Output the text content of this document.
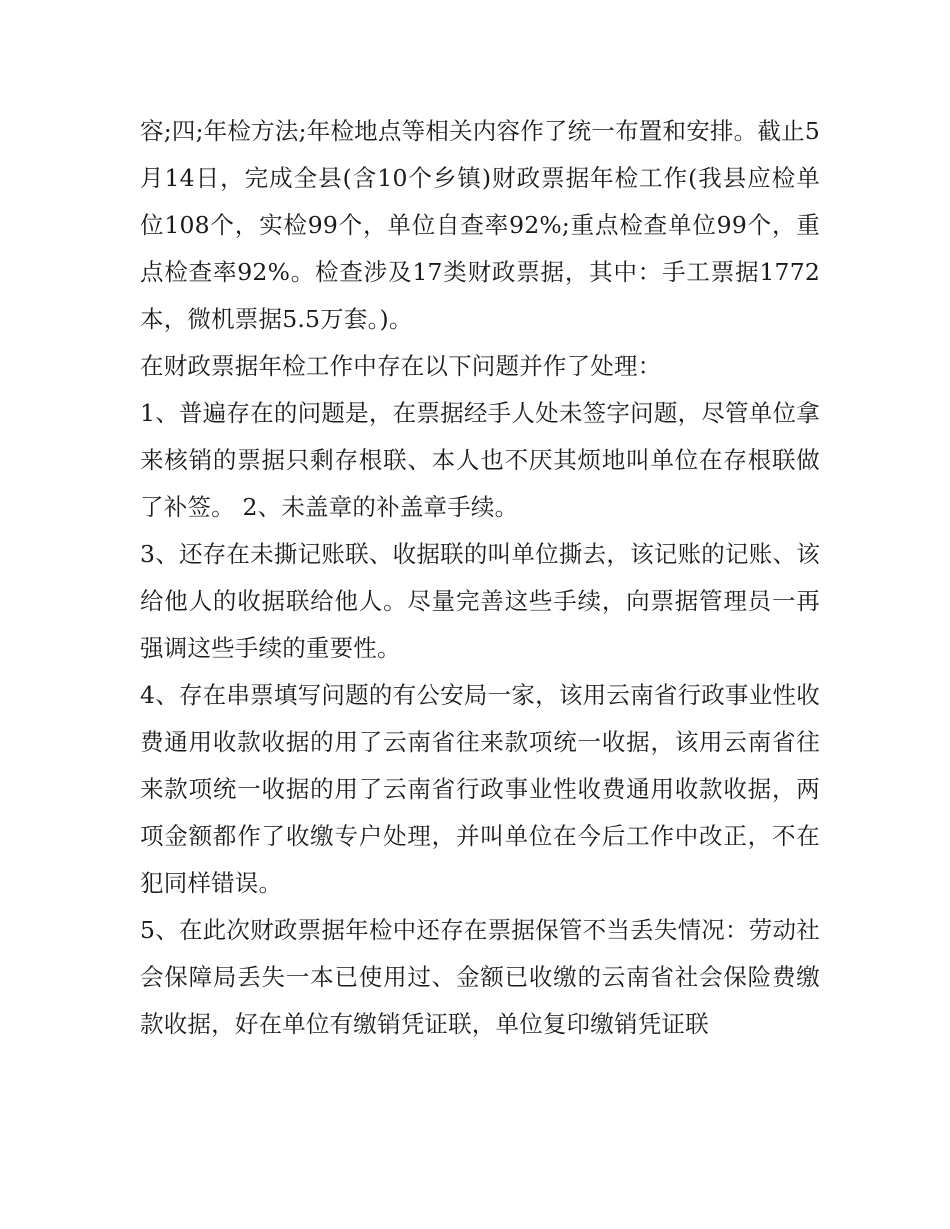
容;四;年检方法;年检地点等相关内容作了统一布置和安排。截止5月14日，完成全县(含10个乡镇)财政票据年检工作(我县应检单位108个，实检99个，单位自查率92%;重点检查单位99个，重点检查率92%。检查涉及17类财政票据，其中：手工票据1772本，微机票据5.5万套。)。

在财政票据年检工作中存在以下问题并作了处理：

1、普遍存在的问题是，在票据经手人处未签字问题，尽管单位拿来核销的票据只剩存根联、本人也不厌其烦地叫单位在存根联做了补签。 2、未盖章的补盖章手续。

3、还存在未撕记账联、收据联的叫单位撕去，该记账的记账、该给他人的收据联给他人。尽量完善这些手续，向票据管理员一再强调这些手续的重要性。

4、存在串票填写问题的有公安局一家，该用云南省行政事业性收费通用收款收据的用了云南省往来款项统一收据，该用云南省往来款项统一收据的用了云南省行政事业性收费通用收款收据，两项金额都作了收缴专户处理，并叫单位在今后工作中改正，不在犯同样错误。

5、在此次财政票据年检中还存在票据保管不当丢失情况：劳动社会保障局丢失一本已使用过、金额已收缴的云南省社会保险费缴款收据，好在单位有缴销凭证联，单位复印缴销凭证联
